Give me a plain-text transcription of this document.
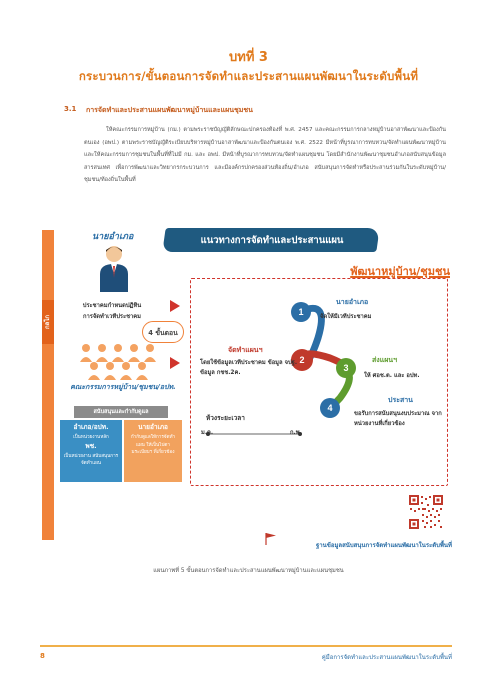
บทที่ 3
กระบวนการ/ขั้นตอนการจัดทำและประสานแผนพัฒนาในระดับพื้นที่
3.1 การจัดทำและประสานแผนพัฒนาหมู่บ้านและแผนชุมชน
ให้คณะกรรมการหมู่บ้าน (กม.) ตามพระราชบัญญัติลักษณะปกครองท้องที่ พ.ศ. 2457 และคณะกรรมการกลางหมู่บ้านอาสาพัฒนาและป้องกันตนเอง (อพป.) ตามพระราชบัญญัติระเบียบบริหารหมู่บ้านอาสาพัฒนาและป้องกันตนเอง พ.ศ. 2522 มีหน้าที่บูรณาการทบทวน/จัดทำแผนพัฒนาหมู่บ้าน และให้คณะกรรมการชุมชนในพื้นที่ที่ไม่มี กม. และ อพป. มีหน้าที่บูรณาการทบทวน/จัดทำแผนชุมชน โดยมีสำนักงานพัฒนาชุมชนอำเภอสนับสนุนข้อมูลสารสนเทศ เพื่อการพัฒนาและวิทยากรกระบวนการ และมีองค์กรปกครองส่วนท้องถิ่น/อำเภอ สนับสนุนการจัดทำหรือประสานร่วมกันในระดับหมู่บ้าน/ชุมชน/ท้องถิ่นในพื้นที่
กลไก
แนวทางการจัดทำและประสานแผน
พัฒนาหมู่บ้าน/ชุมชน
นายอำเภอ
ประชาคมกำหนดปฏิทิน
การจัดทำเวทีประชาคม
4 ขั้นตอน
คณะกรรมการหมู่บ้าน/ชุมชน/อปท.
สนับสนุนและกำกับดูแล
อำเภอ/อปท.
เป็นหน่วยงานหลัก
พช.
เป็นหน่วยงาน สนับสนุนการจัดทำแผน
นายอำเภอ
กำกับดูแลให้การจัดทำแผน ให้เป็นไปตามระเบียบฯ ที่เกี่ยวข้อง
1
2
3
4
นายอำเภอ
จัดให้มีเวทีประชาคม
จัดทำแผนฯ
โดยใช้ข้อมูลเวทีประชาคม ข้อมูล จปฐ. ข้อมูล กชช.2ค.
ส่งแผนฯ
ให้ ศอช.ต. และ อปท.
ประสาน
ขอรับการสนับสนุนงบประมาณ จากหน่วยงานที่เกี่ยวข้อง
ห้วงระยะเวลา
ม.ค.	ก.พ.
ฐานข้อมูลสนับสนุนการจัดทำแผนพัฒนาในระดับพื้นที่
แผนภาพที่ 5 ขั้นตอนการจัดทำและประสานแผนพัฒนาหมู่บ้านและแผนชุมชน
8	คู่มือการจัดทำและประสานแผนพัฒนาในระดับพื้นที่
